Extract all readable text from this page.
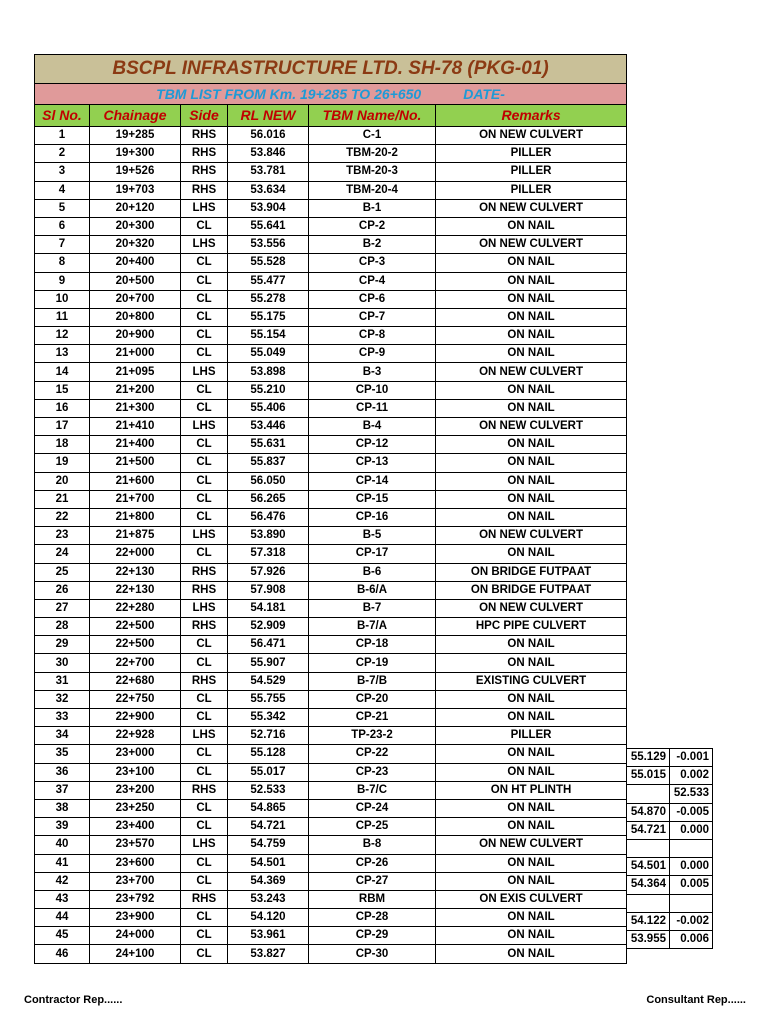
BSCPL INFRASTRUCTURE LTD. SH-78 (PKG-01)					
TBM LIST FROM Km. 19+285 TO 26+650 DATE-					
Sl No.	Chainage	Side	RL NEW	TBM Name/No.	Remarks
1	19+285	RHS	56.016	C-1	ON NEW CULVERT
2	19+300	RHS	53.846	TBM-20-2	PILLER
3	19+526	RHS	53.781	TBM-20-3	PILLER
4	19+703	RHS	53.634	TBM-20-4	PILLER
5	20+120	LHS	53.904	B-1	ON NEW CULVERT
6	20+300	CL	55.641	CP-2	ON NAIL
7	20+320	LHS	53.556	B-2	ON NEW CULVERT
8	20+400	CL	55.528	CP-3	ON NAIL
9	20+500	CL	55.477	CP-4	ON NAIL
10	20+700	CL	55.278	CP-6	ON NAIL
11	20+800	CL	55.175	CP-7	ON NAIL
12	20+900	CL	55.154	CP-8	ON NAIL
13	21+000	CL	55.049	CP-9	ON NAIL
14	21+095	LHS	53.898	B-3	ON NEW CULVERT
15	21+200	CL	55.210	CP-10	ON NAIL
16	21+300	CL	55.406	CP-11	ON NAIL
17	21+410	LHS	53.446	B-4	ON NEW CULVERT
18	21+400	CL	55.631	CP-12	ON NAIL
19	21+500	CL	55.837	CP-13	ON NAIL
20	21+600	CL	56.050	CP-14	ON NAIL
21	21+700	CL	56.265	CP-15	ON NAIL
22	21+800	CL	56.476	CP-16	ON NAIL
23	21+875	LHS	53.890	B-5	ON NEW CULVERT
24	22+000	CL	57.318	CP-17	ON NAIL
25	22+130	RHS	57.926	B-6	ON BRIDGE FUTPAAT
26	22+130	RHS	57.908	B-6/A	ON BRIDGE FUTPAAT
27	22+280	LHS	54.181	B-7	ON NEW CULVERT
28	22+500	RHS	52.909	B-7/A	HPC PIPE CULVERT
29	22+500	CL	56.471	CP-18	ON NAIL
30	22+700	CL	55.907	CP-19	ON NAIL
31	22+680	RHS	54.529	B-7/B	EXISTING CULVERT
32	22+750	CL	55.755	CP-20	ON NAIL
33	22+900	CL	55.342	CP-21	ON NAIL
34	22+928	LHS	52.716	TP-23-2	PILLER
35	23+000	CL	55.128	CP-22	ON NAIL
36	23+100	CL	55.017	CP-23	ON NAIL
37	23+200	RHS	52.533	B-7/C	ON HT PLINTH
38	23+250	CL	54.865	CP-24	ON NAIL
39	23+400	CL	54.721	CP-25	ON NAIL
40	23+570	LHS	54.759	B-8	ON NEW CULVERT
41	23+600	CL	54.501	CP-26	ON NAIL
42	23+700	CL	54.369	CP-27	ON NAIL
43	23+792	RHS	53.243	RBM	ON EXIS CULVERT
44	23+900	CL	54.120	CP-28	ON NAIL
45	24+000	CL	53.961	CP-29	ON NAIL
46	24+100	CL	53.827	CP-30	ON NAIL
55.129	-0.001
55.015	0.002
	52.533
54.870	-0.005
54.721	0.000

54.501	0.000
54.364	0.005

54.122	-0.002
53.955	0.006
Contractor Rep......	Consultant Rep......
